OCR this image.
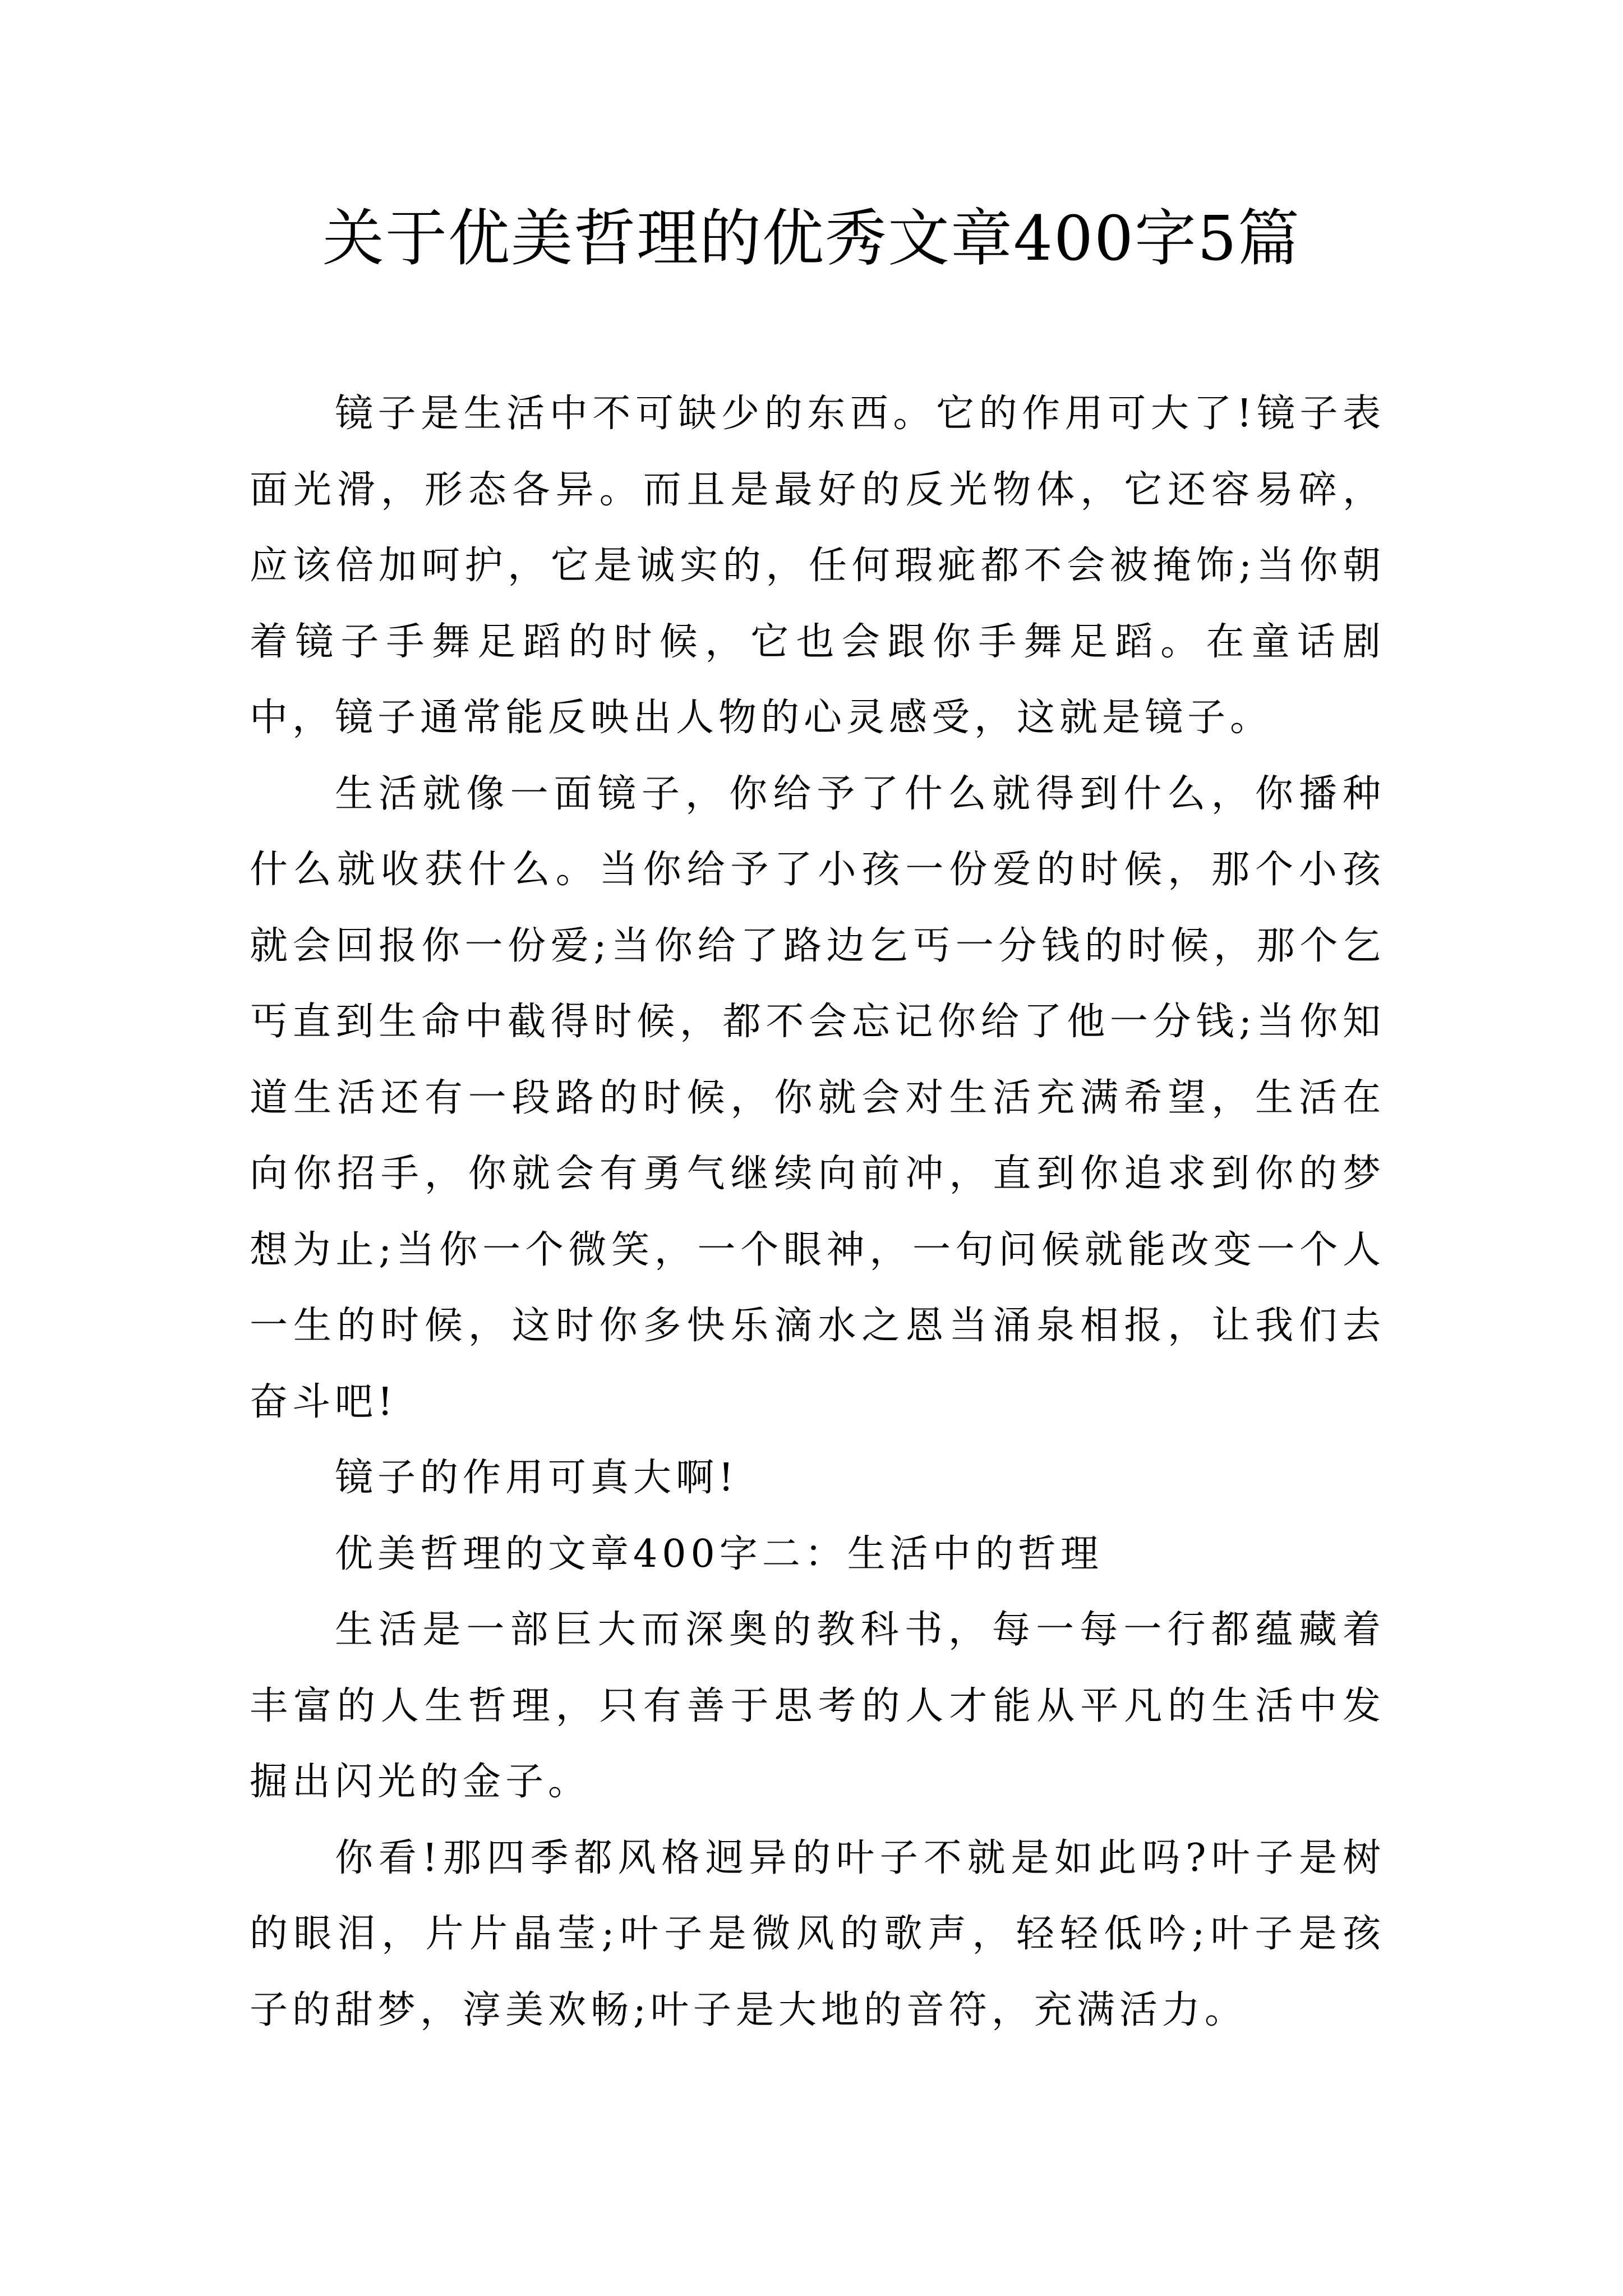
关于优美哲理的优秀文章400字5篇

镜子是生活中不可缺少的东西。它的作用可大了!镜子表面光滑，形态各异。而且是最好的反光物体，它还容易碎，应该倍加呵护，它是诚实的，任何瑕疵都不会被掩饰;当你朝着镜子手舞足蹈的时候，它也会跟你手舞足蹈。在童话剧中，镜子通常能反映出人物的心灵感受，这就是镜子。

生活就像一面镜子，你给予了什么就得到什么，你播种什么就收获什么。当你给予了小孩一份爱的时候，那个小孩就会回报你一份爱;当你给了路边乞丐一分钱的时候，那个乞丐直到生命中截得时候，都不会忘记你给了他一分钱;当你知道生活还有一段路的时候，你就会对生活充满希望，生活在向你招手，你就会有勇气继续向前冲，直到你追求到你的梦想为止;当你一个微笑，一个眼神，一句问候就能改变一个人一生的时候，这时你多快乐滴水之恩当涌泉相报，让我们去奋斗吧!

镜子的作用可真大啊!

优美哲理的文章400字二：生活中的哲理

生活是一部巨大而深奥的教科书，每一每一行都蕴藏着丰富的人生哲理，只有善于思考的人才能从平凡的生活中发掘出闪光的金子。

你看!那四季都风格迥异的叶子不就是如此吗?叶子是树的眼泪，片片晶莹;叶子是微风的歌声，轻轻低吟;叶子是孩子的甜梦，淳美欢畅;叶子是大地的音符，充满活力。
